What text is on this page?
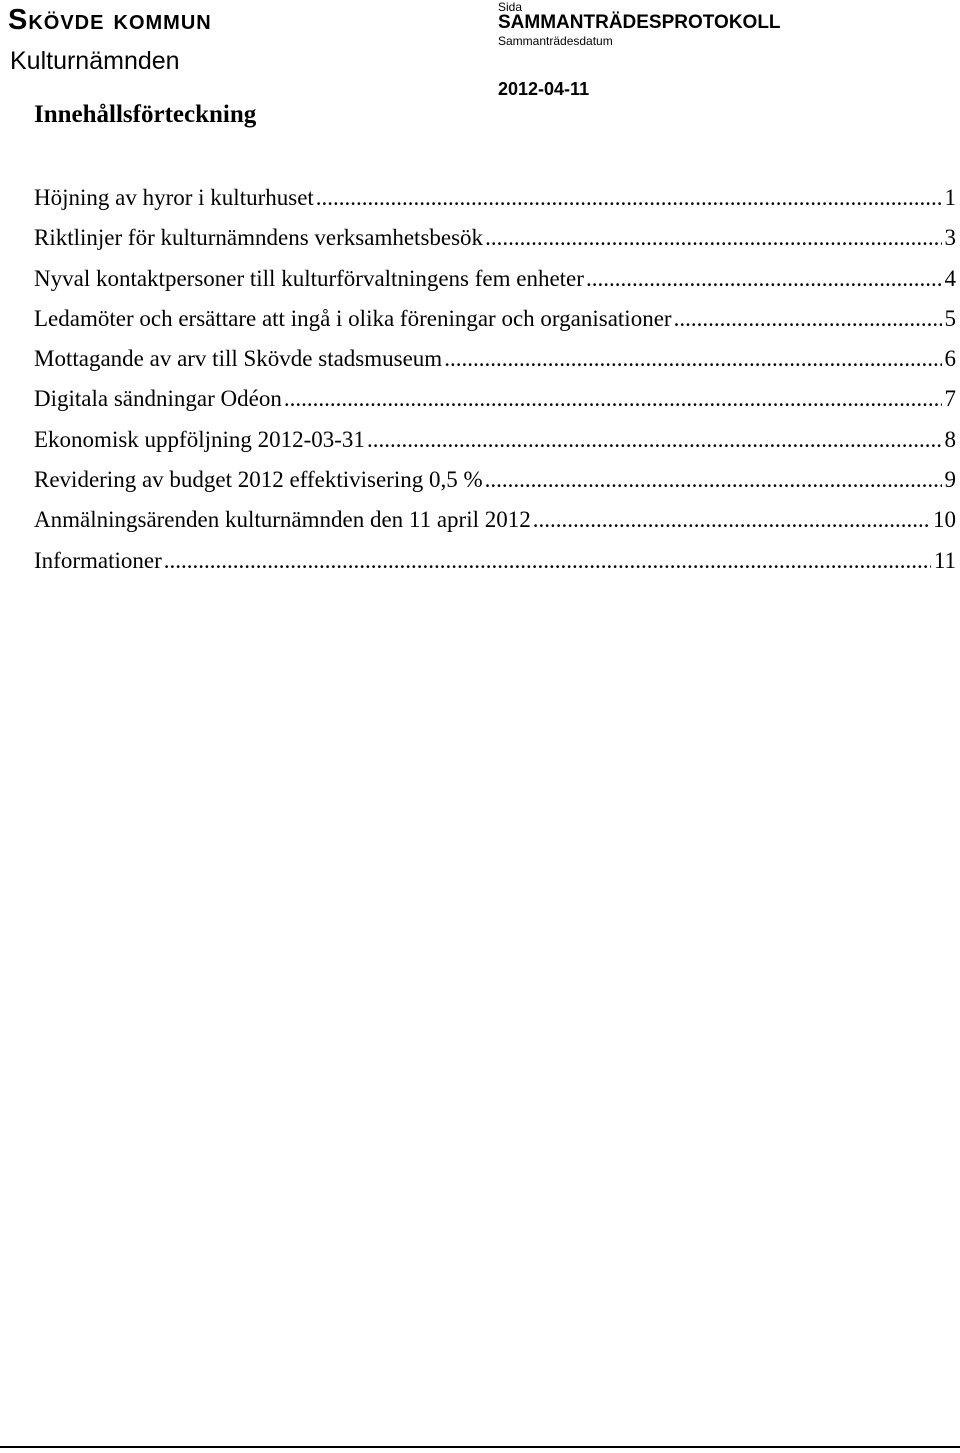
Skövde kommun
Kulturnämnden
Sida
SAMMANTRÄDESPROTOKOLL
Sammanträdesdatum
2012-04-11
Innehållsförteckning
Höjning av hyror i kulturhuset .....	1
Riktlinjer för kulturnämndens verksamhetsbesök .....	3
Nyval kontaktpersoner till kulturförvaltningens fem enheter .....	4
Ledamöter och ersättare att ingå i olika föreningar och organisationer .....	5
Mottagande av arv till Skövde stadsmuseum .....	6
Digitala sändningar Odéon .....	7
Ekonomisk uppföljning 2012-03-31 .....	8
Revidering av budget 2012 effektivisering 0,5 % .....	9
Anmälningsärenden kulturnämnden den 11 april 2012 .....	10
Informationer .....	11
